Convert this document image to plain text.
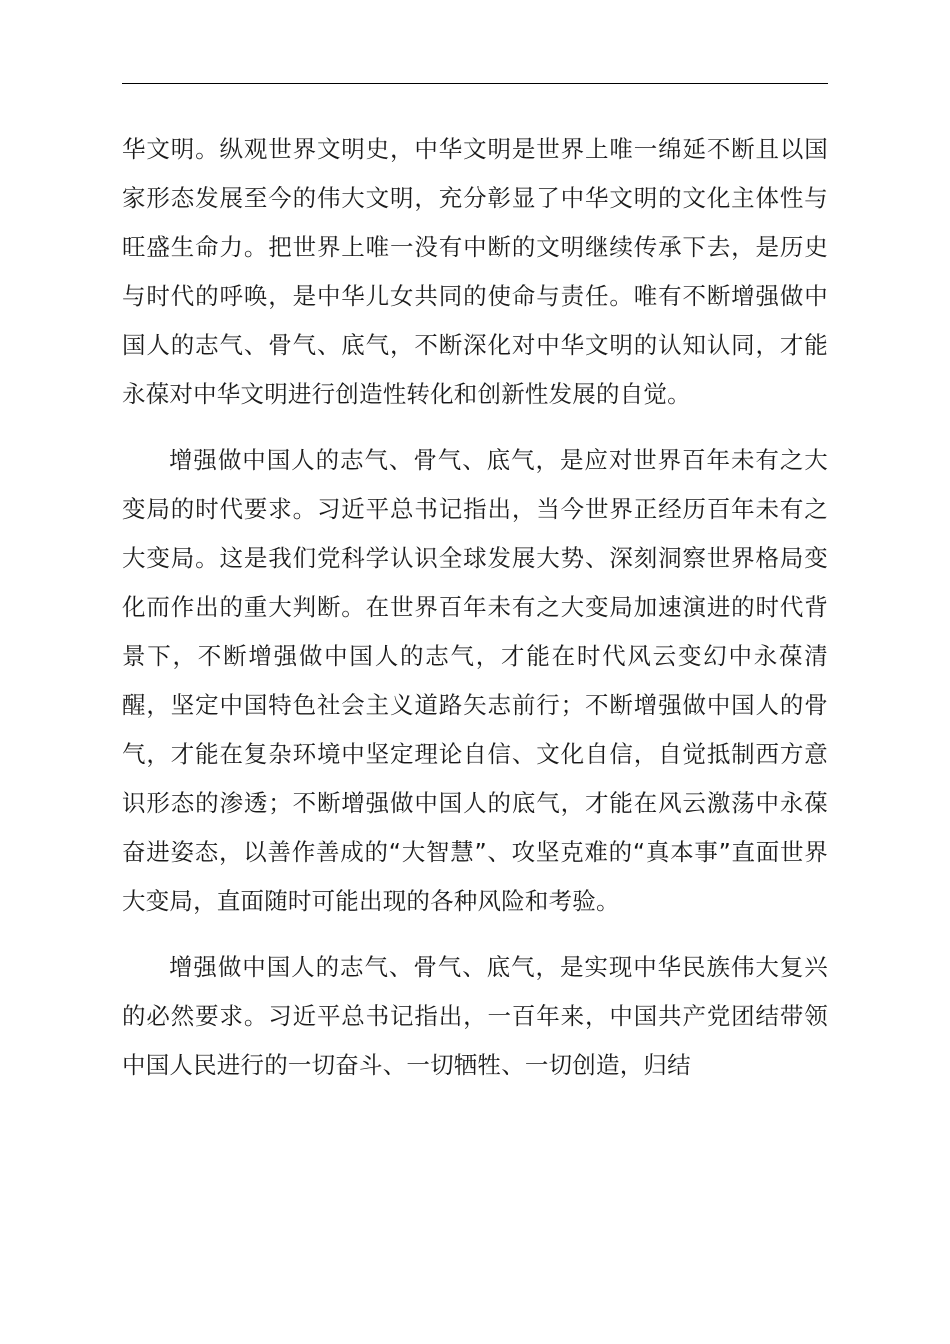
华文明。纵观世界文明史，中华文明是世界上唯一绵延不断且以国家形态发展至今的伟大文明，充分彰显了中华文明的文化主体性与旺盛生命力。把世界上唯一没有中断的文明继续传承下去，是历史与时代的呼唤，是中华儿女共同的使命与责任。唯有不断增强做中国人的志气、骨气、底气，不断深化对中华文明的认知认同，才能永葆对中华文明进行创造性转化和创新性发展的自觉。

增强做中国人的志气、骨气、底气，是应对世界百年未有之大变局的时代要求。习近平总书记指出，当今世界正经历百年未有之大变局。这是我们党科学认识全球发展大势、深刻洞察世界格局变化而作出的重大判断。在世界百年未有之大变局加速演进的时代背景下，不断增强做中国人的志气，才能在时代风云变幻中永葆清醒，坚定中国特色社会主义道路矢志前行；不断增强做中国人的骨气，才能在复杂环境中坚定理论自信、文化自信，自觉抵制西方意识形态的渗透；不断增强做中国人的底气，才能在风云激荡中永葆奋进姿态，以善作善成的“大智慧”、攻坚克难的“真本事”直面世界大变局，直面随时可能出现的各种风险和考验。

增强做中国人的志气、骨气、底气，是实现中华民族伟大复兴的必然要求。习近平总书记指出，一百年来，中国共产党团结带领中国人民进行的一切奋斗、一切牺牲、一切创造，归结
